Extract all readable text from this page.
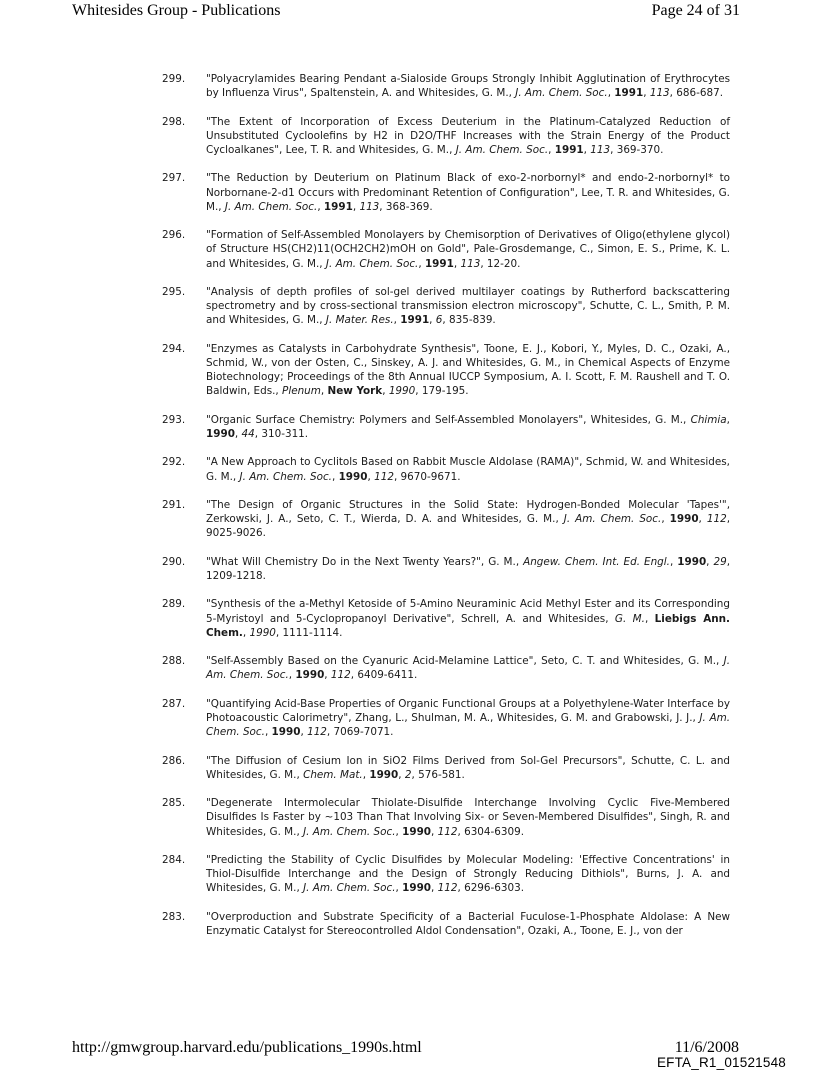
Whitesides Group - Publications	Page 24 of 31
299. "Polyacrylamides Bearing Pendant a-Sialoside Groups Strongly Inhibit Agglutination of Erythrocytes by Influenza Virus", Spaltenstein, A. and Whitesides, G. M., J. Am. Chem. Soc., 1991, 113, 686-687.
298. "The Extent of Incorporation of Excess Deuterium in the Platinum-Catalyzed Reduction of Unsubstituted Cycloolefins by H2 in D2O/THF Increases with the Strain Energy of the Product Cycloalkanes", Lee, T. R. and Whitesides, G. M., J. Am. Chem. Soc., 1991, 113, 369-370.
297. "The Reduction by Deuterium on Platinum Black of exo-2-norbornyl* and endo-2-norbornyl* to Norbornane-2-d1 Occurs with Predominant Retention of Configuration", Lee, T. R. and Whitesides, G. M., J. Am. Chem. Soc., 1991, 113, 368-369.
296. "Formation of Self-Assembled Monolayers by Chemisorption of Derivatives of Oligo(ethylene glycol) of Structure HS(CH2)11(OCH2CH2)mOH on Gold", Pale-Grosdemange, C., Simon, E. S., Prime, K. L. and Whitesides, G. M., J. Am. Chem. Soc., 1991, 113, 12-20.
295. "Analysis of depth profiles of sol-gel derived multilayer coatings by Rutherford backscattering spectrometry and by cross-sectional transmission electron microscopy", Schutte, C. L., Smith, P. M. and Whitesides, G. M., J. Mater. Res., 1991, 6, 835-839.
294. "Enzymes as Catalysts in Carbohydrate Synthesis", Toone, E. J., Kobori, Y., Myles, D. C., Ozaki, A., Schmid, W., von der Osten, C., Sinskey, A. J. and Whitesides, G. M., in Chemical Aspects of Enzyme Biotechnology; Proceedings of the 8th Annual IUCCP Symposium, A. I. Scott, F. M. Raushell and T. O. Baldwin, Eds., Plenum, New York, 1990, 179-195.
293. "Organic Surface Chemistry: Polymers and Self-Assembled Monolayers", Whitesides, G. M., Chimia, 1990, 44, 310-311.
292. "A New Approach to Cyclitols Based on Rabbit Muscle Aldolase (RAMA)", Schmid, W. and Whitesides, G. M., J. Am. Chem. Soc., 1990, 112, 9670-9671.
291. "The Design of Organic Structures in the Solid State: Hydrogen-Bonded Molecular 'Tapes'", Zerkowski, J. A., Seto, C. T., Wierda, D. A. and Whitesides, G. M., J. Am. Chem. Soc., 1990, 112, 9025-9026.
290. "What Will Chemistry Do in the Next Twenty Years?", G. M., Angew. Chem. Int. Ed. Engl., 1990, 29, 1209-1218.
289. "Synthesis of the a-Methyl Ketoside of 5-Amino Neuraminic Acid Methyl Ester and its Corresponding 5-Myristoyl and 5-Cyclopropanoyl Derivative", Schrell, A. and Whitesides, G. M., Liebigs Ann. Chem., 1990, 1111-1114.
288. "Self-Assembly Based on the Cyanuric Acid-Melamine Lattice", Seto, C. T. and Whitesides, G. M., J. Am. Chem. Soc., 1990, 112, 6409-6411.
287. "Quantifying Acid-Base Properties of Organic Functional Groups at a Polyethylene-Water Interface by Photoacoustic Calorimetry", Zhang, L., Shulman, M. A., Whitesides, G. M. and Grabowski, J. J., J. Am. Chem. Soc., 1990, 112, 7069-7071.
286. "The Diffusion of Cesium Ion in SiO2 Films Derived from Sol-Gel Precursors", Schutte, C. L. and Whitesides, G. M., Chem. Mat., 1990, 2, 576-581.
285. "Degenerate Intermolecular Thiolate-Disulfide Interchange Involving Cyclic Five-Membered Disulfides Is Faster by ~103 Than That Involving Six- or Seven-Membered Disulfides", Singh, R. and Whitesides, G. M., J. Am. Chem. Soc., 1990, 112, 6304-6309.
284. "Predicting the Stability of Cyclic Disulfides by Molecular Modeling: 'Effective Concentrations' in Thiol-Disulfide Interchange and the Design of Strongly Reducing Dithiols", Burns, J. A. and Whitesides, G. M., J. Am. Chem. Soc., 1990, 112, 6296-6303.
283. "Overproduction and Substrate Specificity of a Bacterial Fuculose-1-Phosphate Aldolase: A New Enzymatic Catalyst for Stereocontrolled Aldol Condensation", Ozaki, A., Toone, E. J., von der
http://gmwgroup.harvard.edu/publications_1990s.html	11/6/2008
EFTA_R1_01521548
